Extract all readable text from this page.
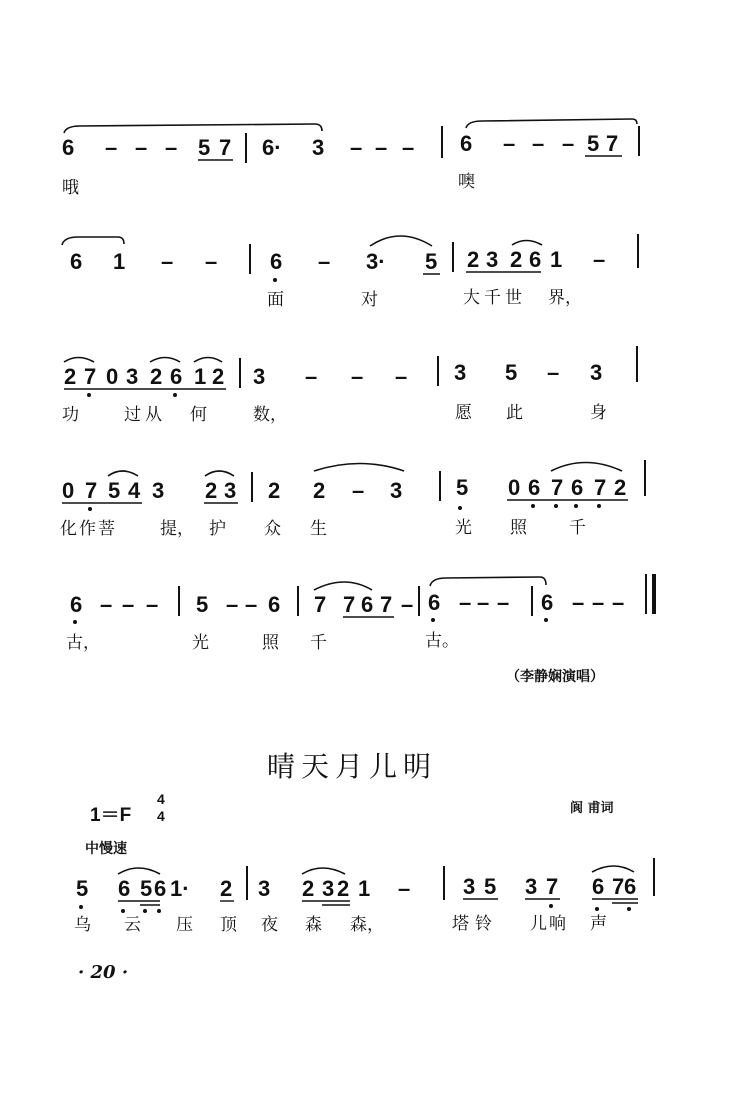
6 – – – 5 7 6· 3 – – – 6 – – – 5 7
哦	噢
6 1 – – 6 – 3· 5 2 3 2 6 1 –
面	对	大千世 界，
2 7 0 3 2 6 1 2 3 – – – 3 5 – 3
功	过从 何	数，	愿 此	身
0 7 5 4 3 2 3 2 2 – 3 5 0 6 7 6 7 2
化作菩	提， 护 众 生	光 照 千
6 – – – 5 – – 6 7 7 6 7 – 6 – – – 6 – – –
古，	光	照 千	古。
（李静娴演唱）
晴天月儿明
1＝F
4
4	阆 甫词
中慢速
5 6 5 6 1· 2 3 2 3 2 1 – 3 5 3 7 6 7 6
乌 云 压 顶 夜 森 森，	塔铃 儿响 声
· 20 ·
